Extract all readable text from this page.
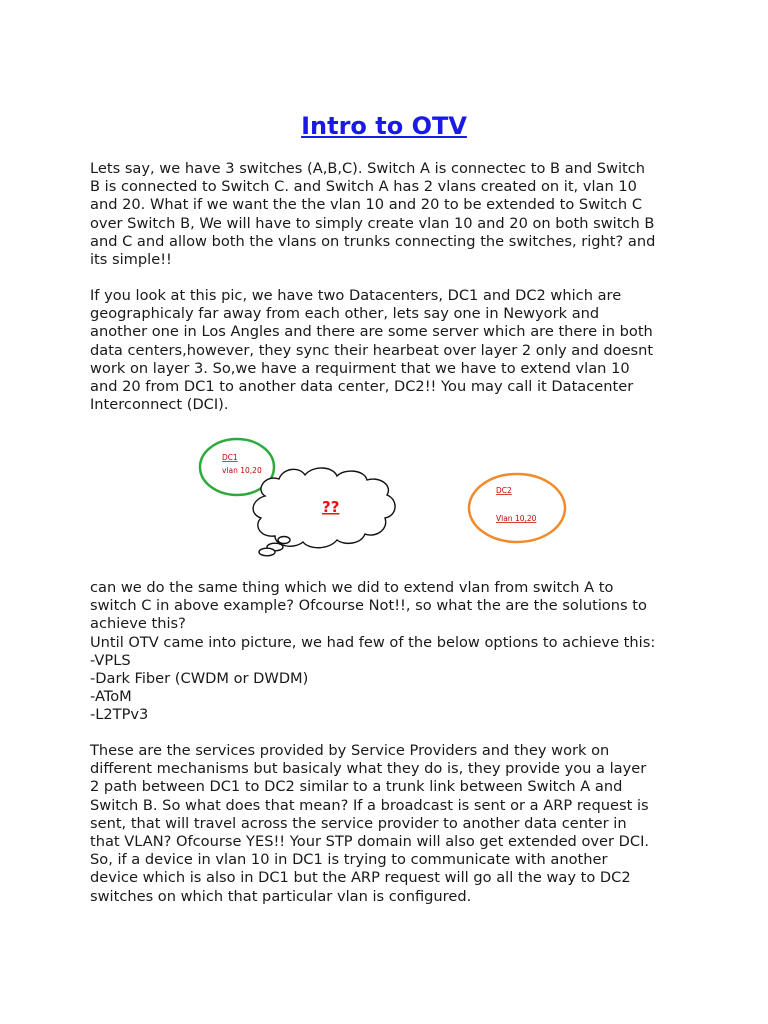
Intro to OTV
Lets say, we have 3 switches (A,B,C). Switch A is connectec to B and Switch
B is connected to Switch C. and Switch A has 2 vlans created on it, vlan 10
and 20. What if we want the the vlan 10 and 20 to be extended to Switch C
over Switch B, We will have to simply create vlan 10 and 20 on both switch B
and C and allow both the vlans on trunks connecting the switches, right? and
its simple!!
If you look at this pic, we have two Datacenters, DC1 and DC2 which are
geographicaly far away from each other, lets say one in Newyork and
another one in Los Angles and there are some server which are there in both
data centers,however, they sync their hearbeat over layer 2 only and doesnt
work on layer 3. So,we have a requirment that we have to extend vlan 10
and 20 from DC1 to another data center, DC2!! You may call it Datacenter
Interconnect (DCI).
DC1
vlan 10,20
??
DC2
Vlan 10,20
can we do the same thing which we did to extend vlan from switch A to
switch C in above example? Ofcourse Not!!, so what the are the solutions to
achieve this?
Until OTV came into picture, we had few of the below options to achieve this:
-VPLS
-Dark Fiber (CWDM or DWDM)
-AToM
-L2TPv3
These are the services provided by Service Providers and they work on
different mechanisms but basicaly what they do is, they provide you a layer
2 path between DC1 to DC2 similar to a trunk link between Switch A and
Switch B. So what does that mean? If a broadcast is sent or a ARP request is
sent, that will travel across the service provider to another data center in
that VLAN? Ofcourse YES!! Your STP domain will also get extended over DCI.
So, if a device in vlan 10 in DC1 is trying to communicate with another
device which is also in DC1 but the ARP request will go all the way to DC2
switches on which that particular vlan is configured.
